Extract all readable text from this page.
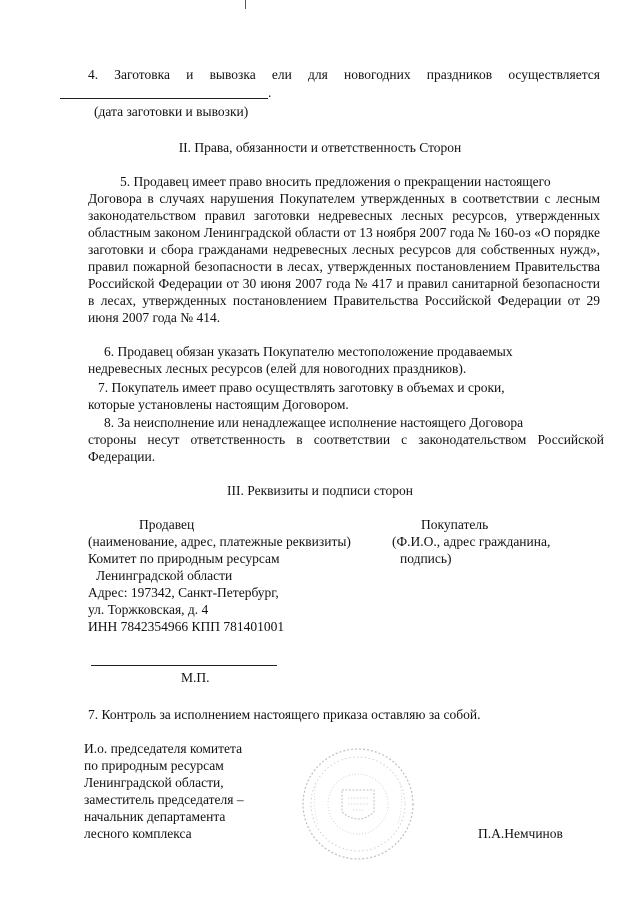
4. Заготовка и вывозка ели для новогодних праздников осуществляется
.
(дата заготовки и вывозки)
II. Права, обязанности и ответственность Сторон
5. Продавец имеет право вносить предложения о прекращении настоящего
Договора в случаях нарушения Покупателем утвержденных в соответствии с лесным законодательством правил заготовки недревесных лесных ресурсов, утвержденных областным законом Ленинградской области от 13 ноября 2007 года № 160-оз «О порядке заготовки и сбора гражданами недревесных лесных ресурсов для собственных нужд», правил пожарной безопасности в лесах, утвержденных постановлением Правительства Российской Федерации от 30 июня 2007 года № 417 и правил санитарной безопасности в лесах, утвержденных постановлением Правительства Российской Федерации от 29 июня 2007 года № 414.
6. Продавец обязан указать Покупателю местоположение продаваемых
недревесных лесных ресурсов (елей для новогодних праздников).
7. Покупатель имеет право осуществлять заготовку в объемах и сроки,
которые установлены настоящим Договором.
8. За неисполнение или ненадлежащее исполнение настоящего Договора
стороны несут ответственность в соответствии с законодательством Российской Федерации.
III. Реквизиты и подписи сторон
Продавец
(наименование, адрес, платежные реквизиты)
Комитет по природным ресурсам
Ленинградской области
Адрес: 197342, Санкт-Петербург,
ул. Торжковская, д. 4
ИНН 7842354966 КПП 781401001
Покупатель
(Ф.И.О., адрес гражданина,
подпись)
М.П.
7. Контроль за исполнением настоящего приказа оставляю за собой.
И.о. председателя комитета
по природным ресурсам
Ленинградской области,
заместитель председателя –
начальник департамента
лесного комплекса	П.А.Немчинов
